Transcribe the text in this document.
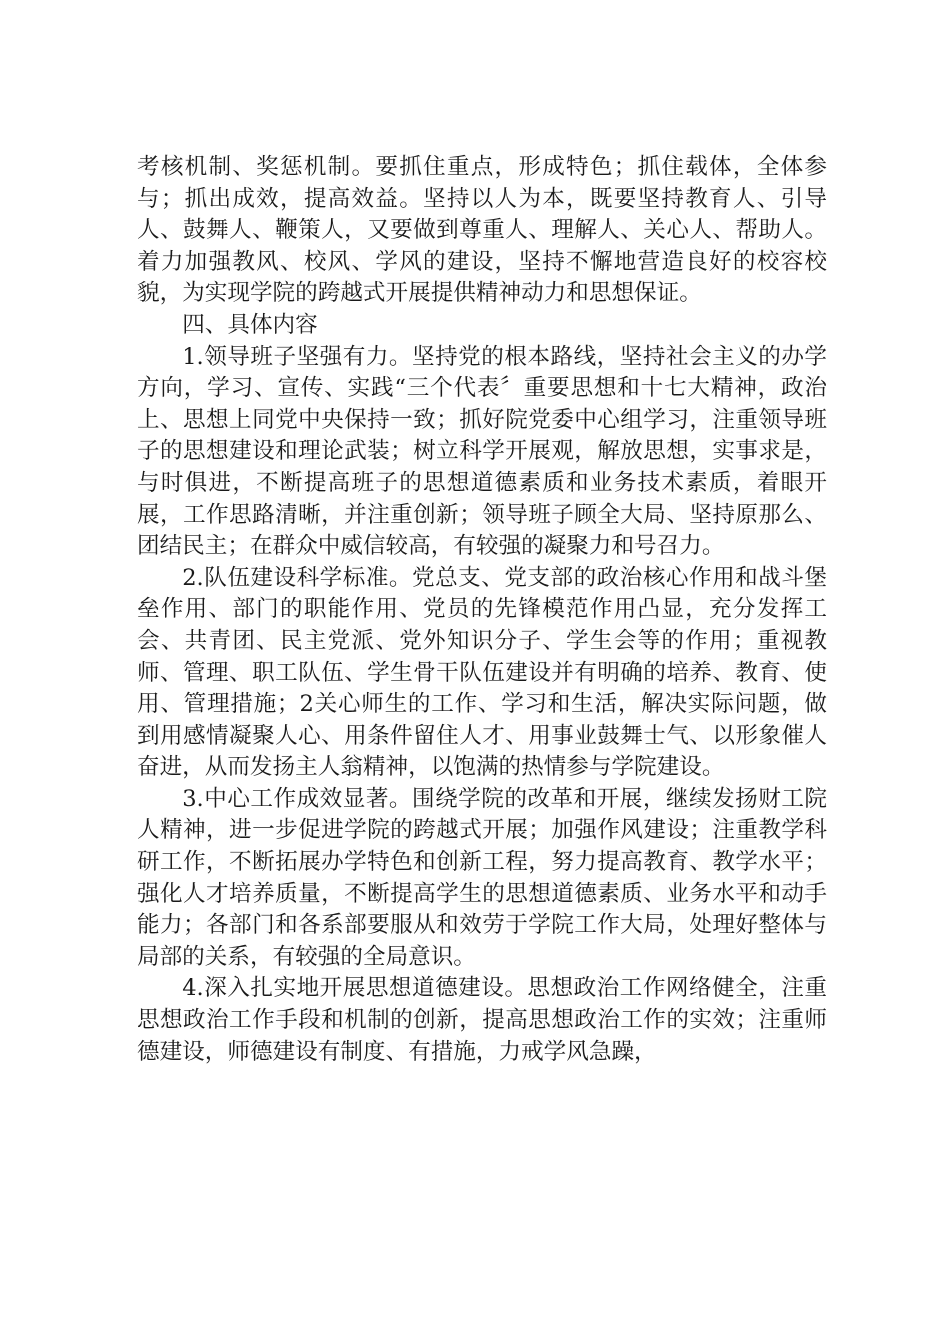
考核机制、奖惩机制。要抓住重点，形成特色；抓住载体，全体参与；抓出成效，提高效益。坚持以人为本，既要坚持教育人、引导人、鼓舞人、鞭策人，又要做到尊重人、理解人、关心人、帮助人。着力加强教风、校风、学风的建设，坚持不懈地营造良好的校容校貌，为实现学院的跨越式开展提供精神动力和思想保证。

四、具体内容

1.领导班子坚强有力。坚持党的根本路线，坚持社会主义的办学方向，学习、宣传、实践“三个代表〞重要思想和十七大精神，政治上、思想上同党中央保持一致；抓好院党委中心组学习，注重领导班子的思想建设和理论武装；树立科学开展观，解放思想，实事求是，与时俱进，不断提高班子的思想道德素质和业务技术素质，着眼开展，工作思路清晰，并注重创新；领导班子顾全大局、坚持原那么、团结民主；在群众中威信较高，有较强的凝聚力和号召力。

2.队伍建设科学标准。党总支、党支部的政治核心作用和战斗堡垒作用、部门的职能作用、党员的先锋模范作用凸显，充分发挥工会、共青团、民主党派、党外知识分子、学生会等的作用；重视教师、管理、职工队伍、学生骨干队伍建设并有明确的培养、教育、使用、管理措施；2关心师生的工作、学习和生活，解决实际问题，做到用感情凝聚人心、用条件留住人才、用事业鼓舞士气、以形象催人奋进，从而发扬主人翁精神，以饱满的热情参与学院建设。

3.中心工作成效显著。围绕学院的改革和开展，继续发扬财工院人精神，进一步促进学院的跨越式开展；加强作风建设；注重教学科研工作，不断拓展办学特色和创新工程，努力提高教育、教学水平；强化人才培养质量，不断提高学生的思想道德素质、业务水平和动手能力；各部门和各系部要服从和效劳于学院工作大局，处理好整体与局部的关系，有较强的全局意识。

4.深入扎实地开展思想道德建设。思想政治工作网络健全，注重思想政治工作手段和机制的创新，提高思想政治工作的实效；注重师德建设，师德建设有制度、有措施，力戒学风急躁，
